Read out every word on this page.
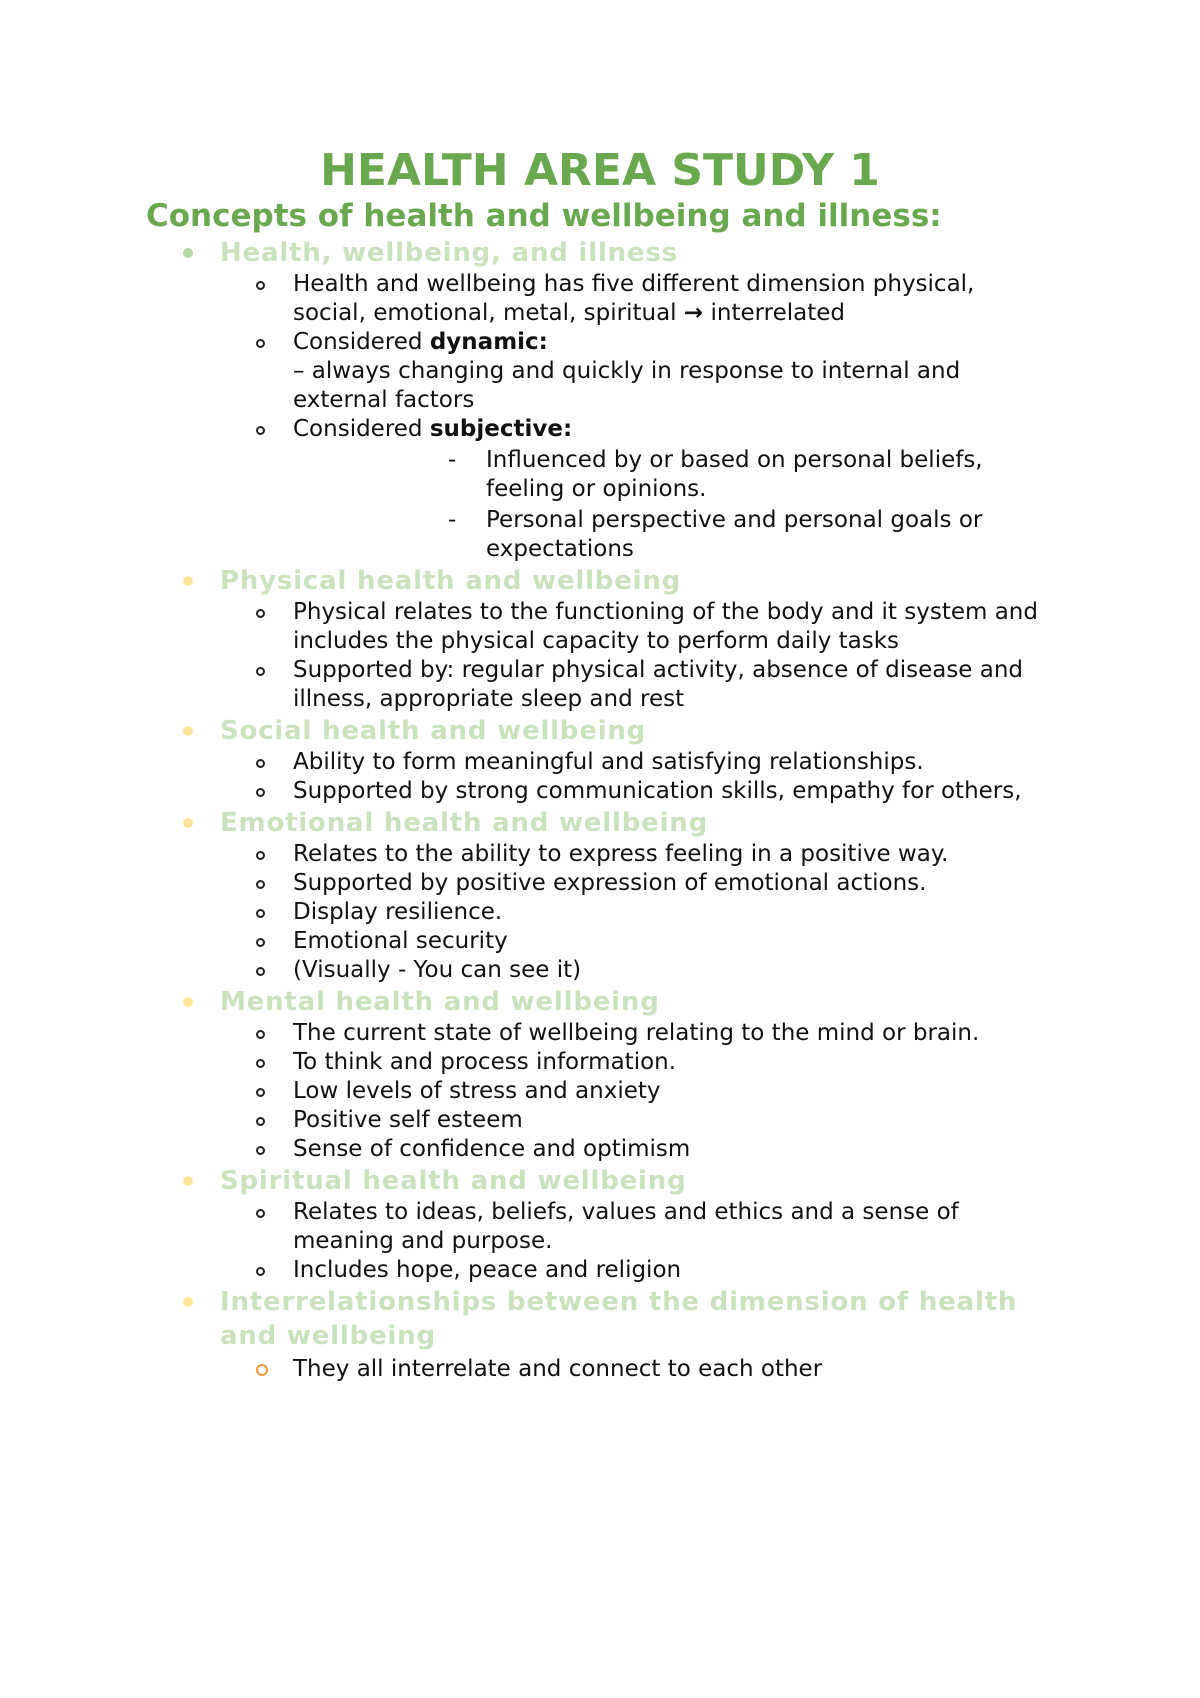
HEALTH AREA STUDY 1
Concepts of health and wellbeing and illness:
Health, wellbeing, and illness
Health and wellbeing has five different dimension physical, social, emotional, metal, spiritual → interrelated
Considered dynamic:
– always changing and quickly in response to internal and external factors
Considered subjective:
- Influenced by or based on personal beliefs, feeling or opinions.
- Personal perspective and personal goals or expectations
Physical health and wellbeing
Physical relates to the functioning of the body and it system and includes the physical capacity to perform daily tasks
Supported by: regular physical activity, absence of disease and illness, appropriate sleep and rest
Social health and wellbeing
Ability to form meaningful and satisfying relationships.
Supported by strong communication skills, empathy for others,
Emotional health and wellbeing
Relates to the ability to express feeling in a positive way.
Supported by positive expression of emotional actions.
Display resilience.
Emotional security
(Visually - You can see it)
Mental health and wellbeing
The current state of wellbeing relating to the mind or brain.
To think and process information.
Low levels of stress and anxiety
Positive self esteem
Sense of confidence and optimism
Spiritual health and wellbeing
Relates to ideas, beliefs, values and ethics and a sense of meaning and purpose.
Includes hope, peace and religion
Interrelationships between the dimension of health and wellbeing
They all interrelate and connect to each other
